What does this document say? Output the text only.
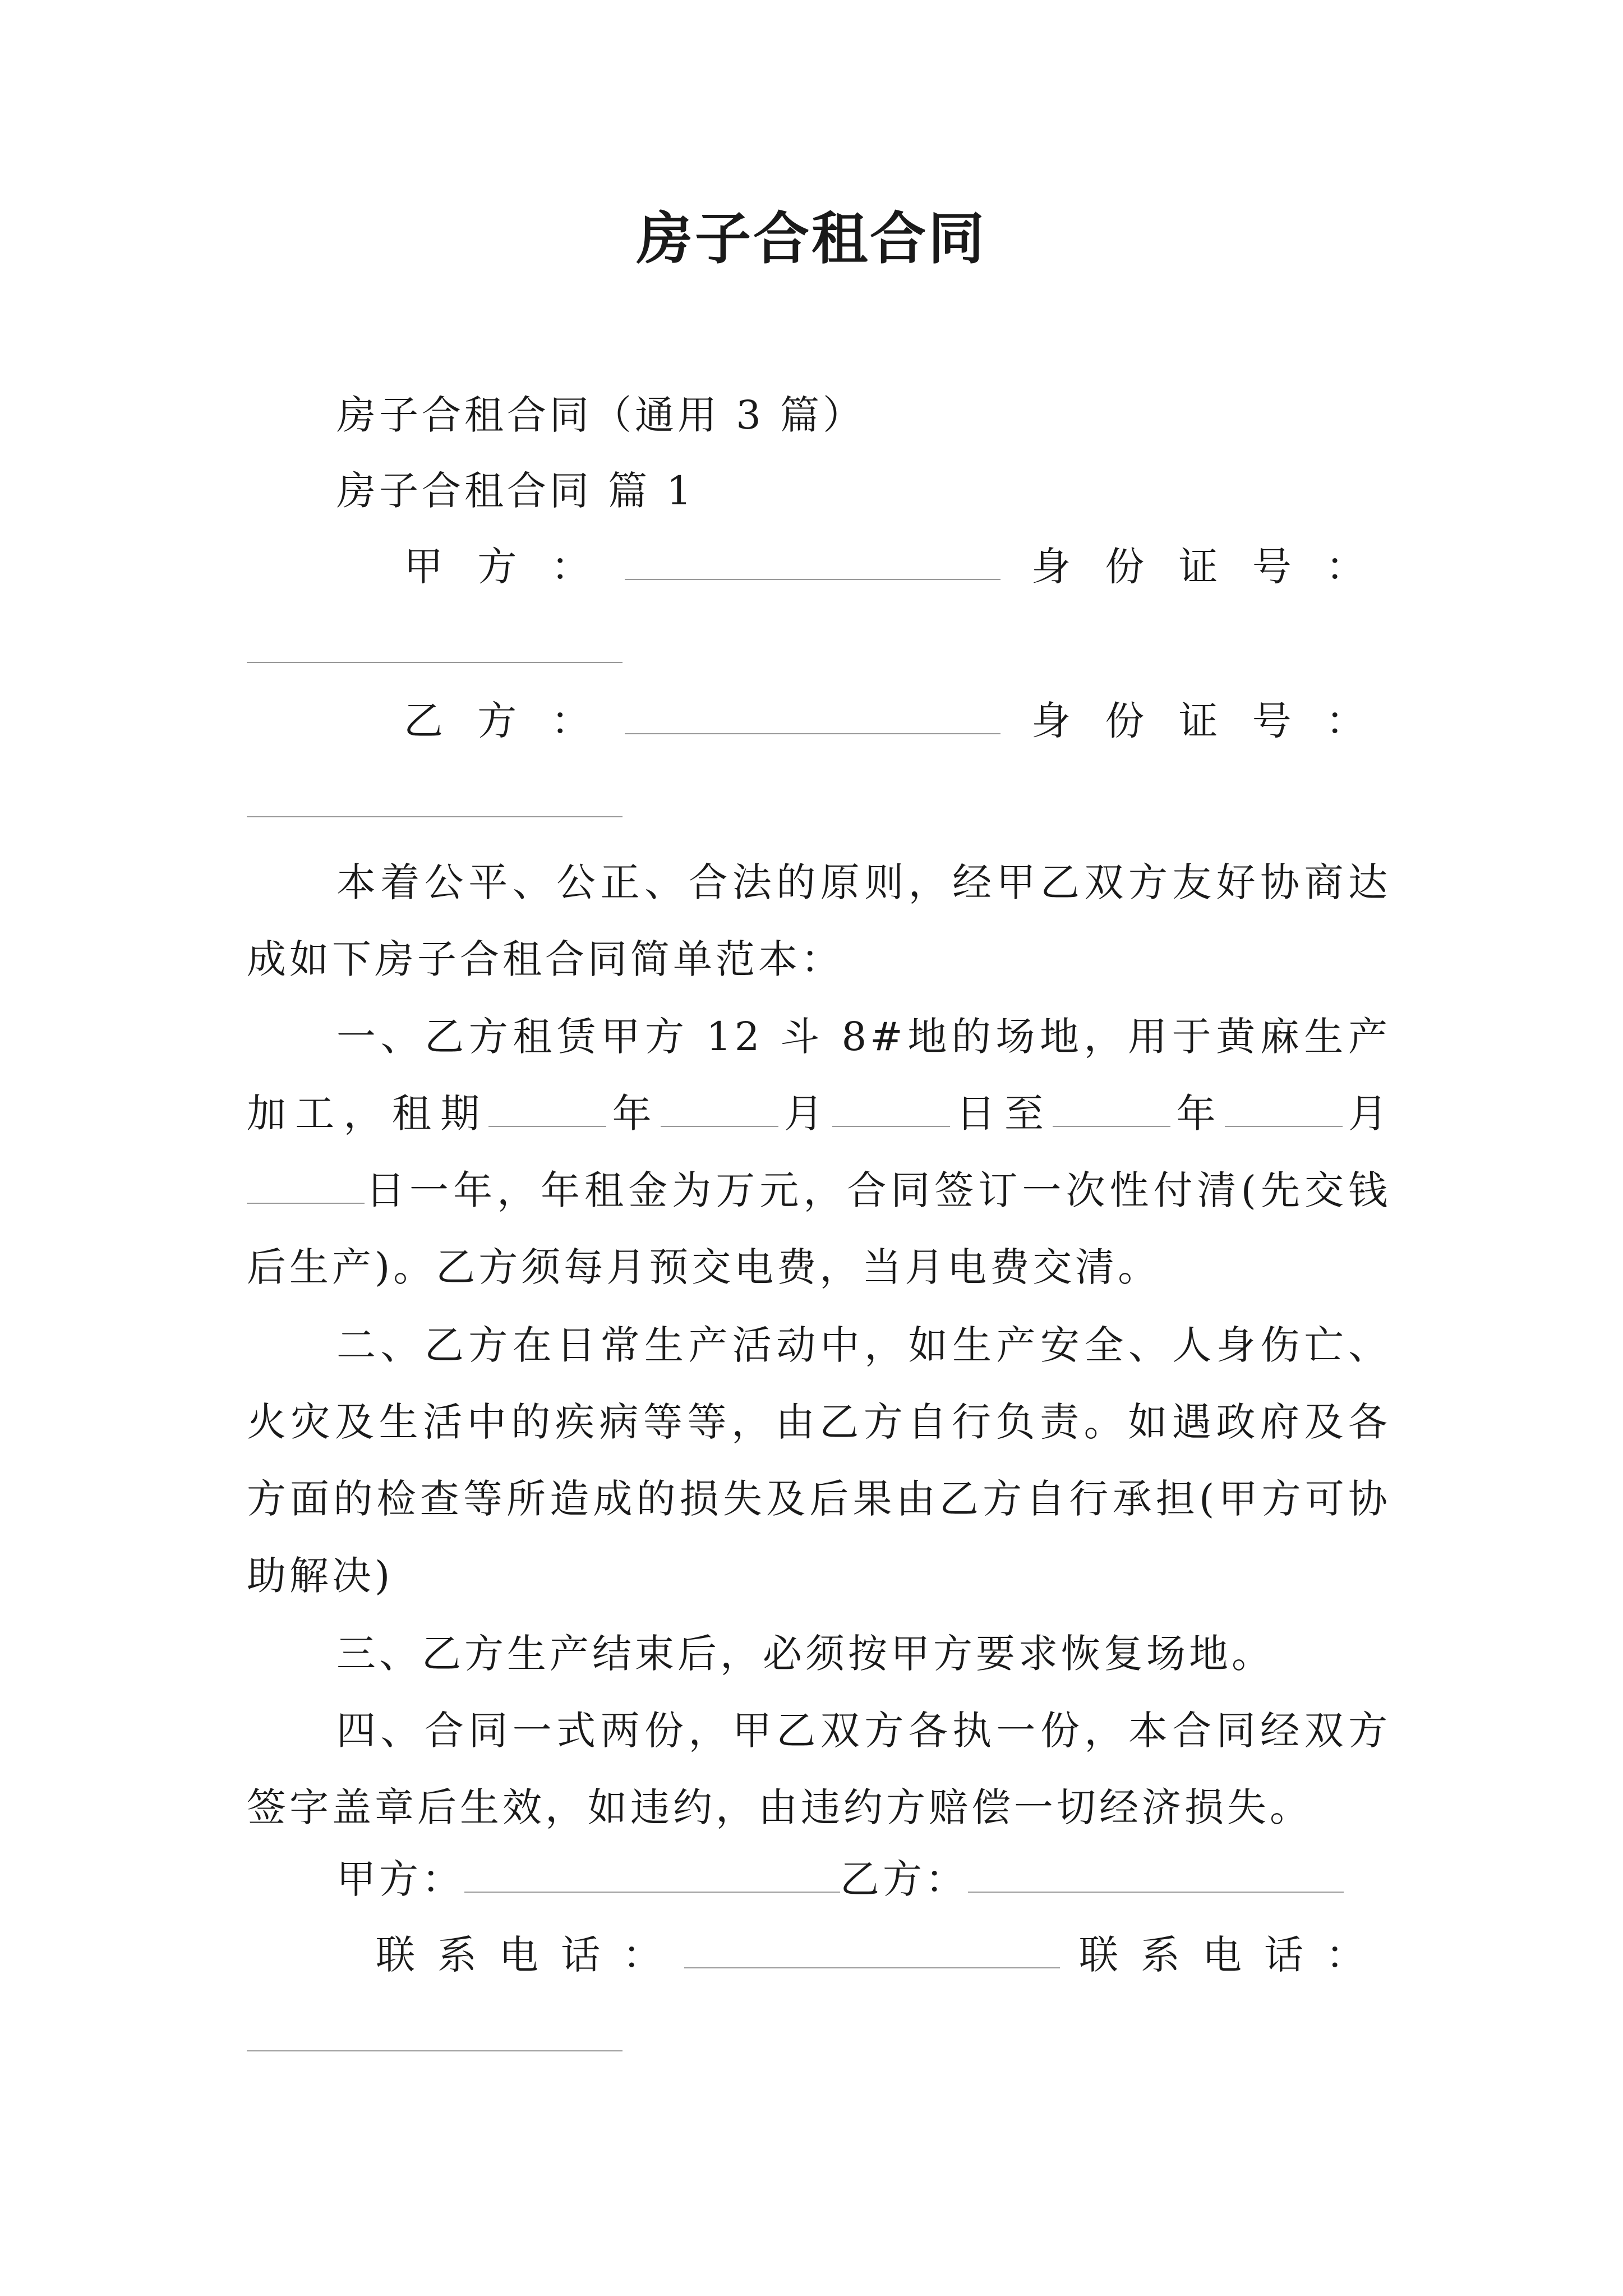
房子合租合同
房子合租合同（通用 3 篇）
房子合租合同 篇 1
甲 方 ：	身 份 证 号 ：
乙 方 ：	身 份 证 号 ：
本着公平、公正、合法的原则，经甲乙双方友好协商达成如下房子合租合同简单范本：
一、乙方租赁甲方 12 斗 8#地的场地，用于黄麻生产加工，租期	年	月	日至	年	月日一年，年租金为万元，合同签订一次性付清(先交钱后生产)。乙方须每月预交电费，当月电费交清。
二、乙方在日常生产活动中，如生产安全、人身伤亡、火灾及生活中的疾病等等，由乙方自行负责。如遇政府及各方面的检查等所造成的损失及后果由乙方自行承担(甲方可协助解决)
三、乙方生产结束后，必须按甲方要求恢复场地。
四、合同一式两份，甲乙双方各执一份，本合同经双方签字盖章后生效，如违约，由违约方赔偿一切经济损失。
甲方：	乙方：
联 系 电 话 ：	联 系 电 话 ：
